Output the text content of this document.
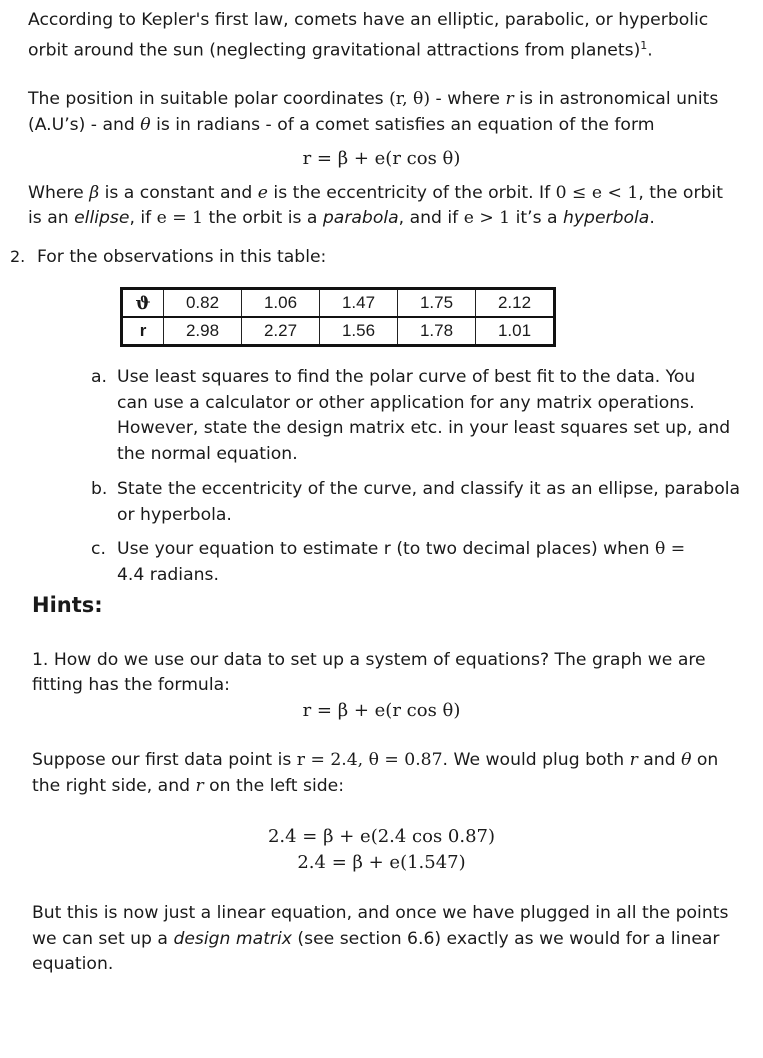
According to Kepler's first law, comets have an elliptic, parabolic, or hyperbolic
orbit around the sun (neglecting gravitational attractions from planets)$^1$.
The position in suitable polar coordinates (r, θ) - where r is in astronomical units
(A.U’s) - and θ is in radians - of a comet satisfies an equation of the form
r = β + e(r cos θ)
Where β is a constant and e is the eccentricity of the orbit. If 0 ≤ e < 1, the orbit
is an ellipse, if e = 1 the orbit is a parabola, and if e > 1 it’s a hyperbola.
2. For the observations in this table:
ϑ	0.82	1.06	1.47	1.75	2.12
r	2.98	2.27	1.56	1.78	1.01
a. Use least squares to find the polar curve of best fit to the data. You
can use a calculator or other application for any matrix operations.
However, state the design matrix etc. in your least squares set up, and
the normal equation.
b. State the eccentricity of the curve, and classify it as an ellipse, parabola
or hyperbola.
c. Use your equation to estimate r (to two decimal places) when θ =
4.4 radians.
Hints:
1. How do we use our data to set up a system of equations? The graph we are
fitting has the formula:
r = β + e(r cos θ)
Suppose our first data point is r = 2.4, θ = 0.87. We would plug both r and θ on
the right side, and r on the left side:
2.4 = β + e(2.4 cos 0.87)
2.4 = β + e(1.547)
But this is now just a linear equation, and once we have plugged in all the points
we can set up a design matrix (see section 6.6) exactly as we would for a linear
equation.
